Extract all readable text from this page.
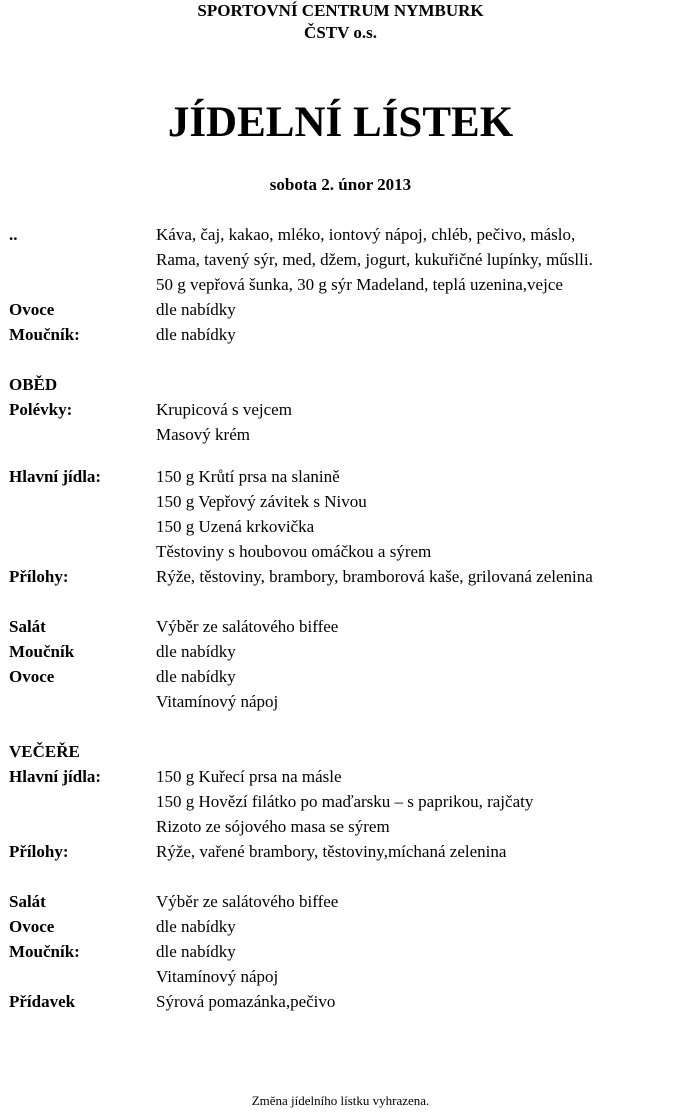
SPORTOVNÍ CENTRUM NYMBURK
ČSTV o.s.
JÍDELNÍ LÍSTEK
sobota 2. únor 2013
..	Káva, čaj, kakao, mléko, iontový nápoj, chléb, pečivo, máslo,
Rama, tavený sýr, med, džem, jogurt, kukuřičné lupínky, műslli.
50 g vepřová šunka, 30 g sýr Madeland, teplá uzenina,vejce
Ovoce	dle nabídky
Moučník:	dle nabídky
OBĚD
Polévky:	Krupicová s vejcem
Masový krém
Hlavní jídla:	150 g Krůtí prsa na slanině
150 g Vepřový závitek s Nivou
150 g Uzená krkovička
Těstoviny s houbovou omáčkou a sýrem
Přílohy:	Rýže, těstoviny, brambory, bramborová kaše, grilovaná zelenina
Salát	Výběr ze salátového biffee
Moučník	dle nabídky
Ovoce	dle nabídky
Vitamínový nápoj
VEČEŘE
Hlavní jídla:	150 g Kuřecí prsa na másle
150 g Hovězí filátko po maďarsku – s paprikou, rajčaty
Rizoto ze sójového masa se sýrem
Přílohy:	Rýže, vařené brambory, těstoviny,míchaná zelenina
Salát	Výběr ze salátového biffee
Ovoce	dle nabídky
Moučník:	dle nabídky
Vitamínový nápoj
Přídavek	Sýrová pomazánka,pečivo
Změna jídelního lístku vyhrazena.
